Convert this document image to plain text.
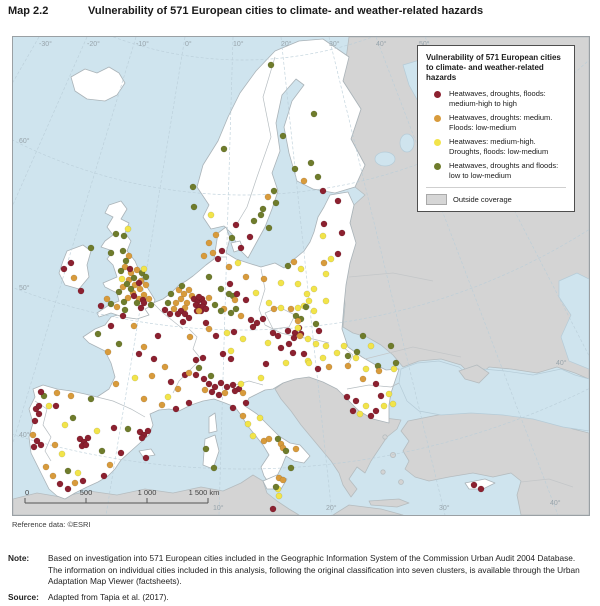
Map 2.2	Vulnerability of 571 European cities to climate- and weather-related hazards
-30°	-20°	-10°	0°	10°	20°	30°	40°
60°
50°
40°
10°	20°	30°
40°
40°
0	500	1 000	1 500 km
Vulnerability of 571 European cities to climate- and weather-related hazards
Heatwaves, droughts, floods: medium-high to high
Heatwaves, droughts: medium. Floods: low-medium
Heatwaves: medium-high. Droughts, floods: low-medium
Heatwaves, droughts and floods: low to low-medium
Outside coverage
Reference data: ©ESRI
Note: Based on investigation into 571 European cities included in the Geographic Information System of the Commission Urban Audit 2004 Database. The information on individual cities included in this analysis, following the original classification into seven clusters, is available through the Urban Adaptation Map Viewer (factsheets).
Source: Adapted from Tapia et al. (2017).
